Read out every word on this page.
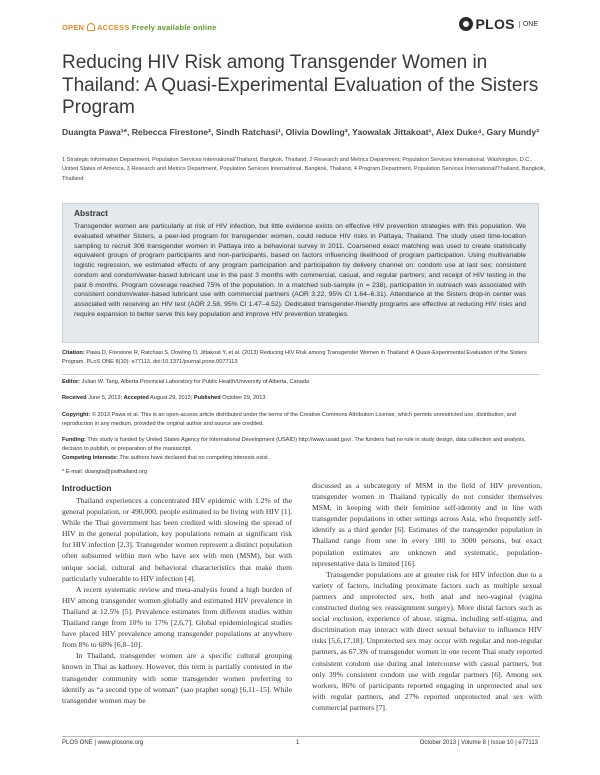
OPEN ACCESS Freely available online	PLOS	ONE
Reducing HIV Risk among Transgender Women in Thailand: A Quasi-Experimental Evaluation of the Sisters Program
Duangta Pawa¹*, Rebecca Firestone², Sindh Ratchasi¹, Olivia Dowling³, Yaowalak Jittakoat¹, Alex Duke⁴, Gary Mundy³
1 Strategic Information Department, Population Services International/Thailand, Bangkok, Thailand, 2 Research and Metrics Department, Population Services International, Washington, D.C., United States of America, 3 Research and Metrics Department, Population Services International, Bangkok, Thailand, 4 Program Department, Population Services International/Thailand, Bangkok, Thailand
Abstract
Transgender women are particularly at risk of HIV infection, but little evidence exists on effective HIV prevention strategies with this population. We evaluated whether Sisters, a peer-led program for transgender women, could reduce HIV risks in Pattaya, Thailand. The study used time-location sampling to recruit 308 transgender women in Pattaya into a behavioral survey in 2011. Coarsened exact matching was used to create statistically equivalent groups of program participants and non-participants, based on factors influencing likelihood of program participation. Using multivariable logistic regression, we estimated effects of any program participation and participation by delivery channel on: condom use at last sex; consistent condom and condom/water-based lubricant use in the past 3 months with commercial, casual, and regular partners; and receipt of HIV testing in the past 6 months. Program coverage reached 75% of the population. In a matched sub-sample (n = 238), participation in outreach was associated with consistent condom/water-based lubricant use with commercial partners (AOR 3.22, 95% CI 1.64–6.31). Attendance at the Sisters drop-in center was associated with receiving an HIV test (AOR 2.58, 95% CI 1.47–4.52). Dedicated transgender-friendly programs are effective at reducing HIV risks and require expansion to better serve this key population and improve HIV prevention strategies.
Citation: Pawa D, Firestone R, Ratchasi S, Dowling O, Jittakoat Y, et al. (2013) Reducing HIV Risk among Transgender Women in Thailand: A Quasi-Experimental Evaluation of the Sisters Program. PLoS ONE 8(10): e77113. doi:10.1371/journal.pone.0077113
Editor: Julian W. Tang, Alberta Provincial Laboratory for Public Health/University of Alberta, Canada
Received June 5, 2013; Accepted August 29, 2013; Published October 29, 2013
Copyright: © 2013 Pawa et al. This is an open-access article distributed under the terms of the Creative Commons Attribution License, which permits unrestricted use, distribution, and reproduction in any medium, provided the original author and source are credited.
Funding: This study is funded by United States Agency for International Development (USAID) http://www.usaid.gov/. The funders had no role in study design, data collection and analysis, decision to publish, or preparation of the manuscript.
Competing Interests: The authors have declared that no competing interests exist.
* E-mail: duangta@psithailand.org
Introduction

Thailand experiences a concentrated HIV epidemic with 1.2% of the general population, or 490,000, people estimated to be living with HIV [1]. While the Thai government has been credited with slowing the spread of HIV in the general population, key populations remain at significant risk for HIV infection [2,3]. Transgender women represent a distinct population often subsumed within men who have sex with men (MSM), but with unique social, cultural and behavioral characteristics that make them particularly vulnerable to HIV infection [4].

A recent systematic review and meta-analysis found a high burden of HIV among transgender women globally and estimated HIV prevalence in Thailand at 12.5% [5]. Prevalence estimates from different studies within Thailand range from 10% to 17% [2,6,7]. Global epidemiological studies have placed HIV prevalence among transgender populations at anywhere from 8% to 68% [6,8–10].

In Thailand, transgender women are a specific cultural grouping known in Thai as kathoey. However, this term is partially contested in the transgender community with some transgender women preferring to identify as “a second type of woman” (sao praphet song) [6,11–15]. While transgender women may be

discussed as a subcategory of MSM in the field of HIV prevention, transgender women in Thailand typically do not consider themselves MSM, in keeping with their feminine self-identity and in line with transgender populations in other settings across Asia, who frequently self-identify as a third gender [6]. Estimates of the transgender population in Thailand range from one in every 180 to 3000 persons, but exact population estimates are unknown and systematic, population-representative data is limited [16].

Transgender populations are at greater risk for HIV infection due to a variety of factors, including proximate factors such as multiple sexual partners and unprotected sex, both anal and neo-vaginal (vagina constructed during sex reassignment surgery). More distal factors such as social exclusion, experience of abuse, stigma, including self-stigma, and discrimination may interact with direct sexual behavior to influence HIV risks [5,6,17,18]. Unprotected sex may occur with regular and non-regular partners, as 67.3% of transgender women in one recent Thai study reported consistent condom use during anal intercourse with casual partners, but only 39% consistent condom use with regular partners [6]. Among sex workers, 86% of participants reported engaging in unprotected anal sex with regular partners, and 27% reported unprotected anal sex with commercial partners [7].

PLOS ONE | www.plosone.org	1	October 2013 | Volume 8 | Issue 10 | e77113
